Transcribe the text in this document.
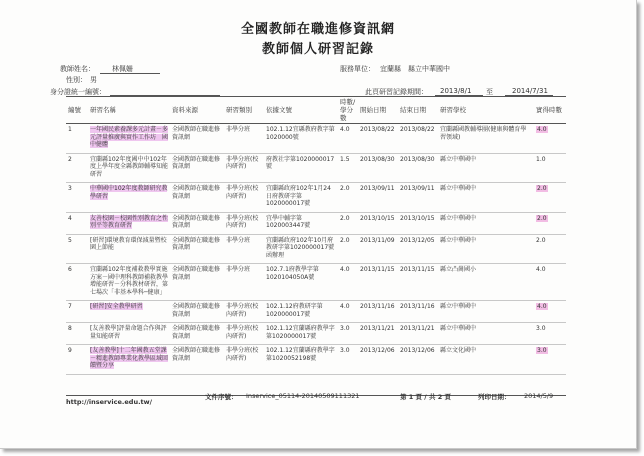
全國教師在職進修資訊網
教師個人研習記錄
教師姓名： 林佩姍	服務單位： 宜蘭縣　縣立中華國中
性別： 男
身分證統一編號：	此頁研習記錄期間： 2013/8/1 至	2014/7/31
編號	研習名稱	資料來源	研習類別	依據文號	時數/學分數	開始日期	結束日期	研習學校	實得時數
1	一年國民素養課多元計畫－多元評量推廣與實作工作坊　國中健體	全國教師在職進修資訊網	非學分班	102.1.12宜縣教府教字第1020000號	4.0	2013/08/22	2013/08/22	宜蘭縣國教輔導團(健康與體育學習領域)	4.0
2	宜蘭縣102年度國中中102年度上學年度全縣教師輔導知能研習	全國教師在職進修資訊網	非學分班(校內研習)	府教社字第1020000017號	1.5	2013/08/30	2013/08/30	縣立中華國中	1.0
3	中華國中102年度教師研究教學研習	全國教師在職進修資訊網	非學分班(校內研習)	宜蘭縣政府102年1月24日府教研字第1020000017號	2.0	2013/09/11	2013/09/11	縣立中華國中	2.0
4	友善校園－校園性別教育之性別平等教育研習	全國教師在職進修資訊網	非學分班(校內研習)	宜學中輔字第1020003447號	2.0	2013/10/15	2013/10/15	縣立中華國中	2.0
5	[研習]環境教育環保減量暨校園上節能	全國教師在職進修資訊網	非學分班	宜蘭縣政府102年10月府教研字第1020000017號函辦理	2.0	2013/11/09	2013/12/05	縣立中華國中	2.0
6	宜蘭縣102年度補救教學實施方案－國中理科教師補救教學增能研習－分科教材研習，第七場次「非基本學科─健康」	全國教師在職進修資訊網	非學分班	102.7.1府教學字第1020104050A號	4.0	2013/11/15	2013/11/15	縣立凸崗國小	4.0
7	[研習]安全教學研習	全國教師在職進修資訊網	非學分班(校內研習)	102.1.12府教研字第1020000017號	4.0	2013/11/16	2013/11/16	縣立中華國中	4.0
8	[友善教學]評量命題合作與評量知能研習	全國教師在職進修資訊網	非學分班(校內研習)	102.1.12宜蘭縣府教學字第1020000017號	3.0	2013/11/21	2013/11/21	縣立中華國中	3.0
9	[友善教學]十二年國教五堂課－精進教師專業化教學區域回饋暨分享	全國教師在職進修資訊網	非學分班(校內研習)	102.1.12宜蘭縣府教學字第1020052198號	3.0	2013/12/06	2013/12/06	縣立文化國中	3.0
http://inservice.edu.tw/
文件序號： Inservice_05114-20140509111321	第 1 頁 / 共 2 頁	列印日期： 2014/5/9
